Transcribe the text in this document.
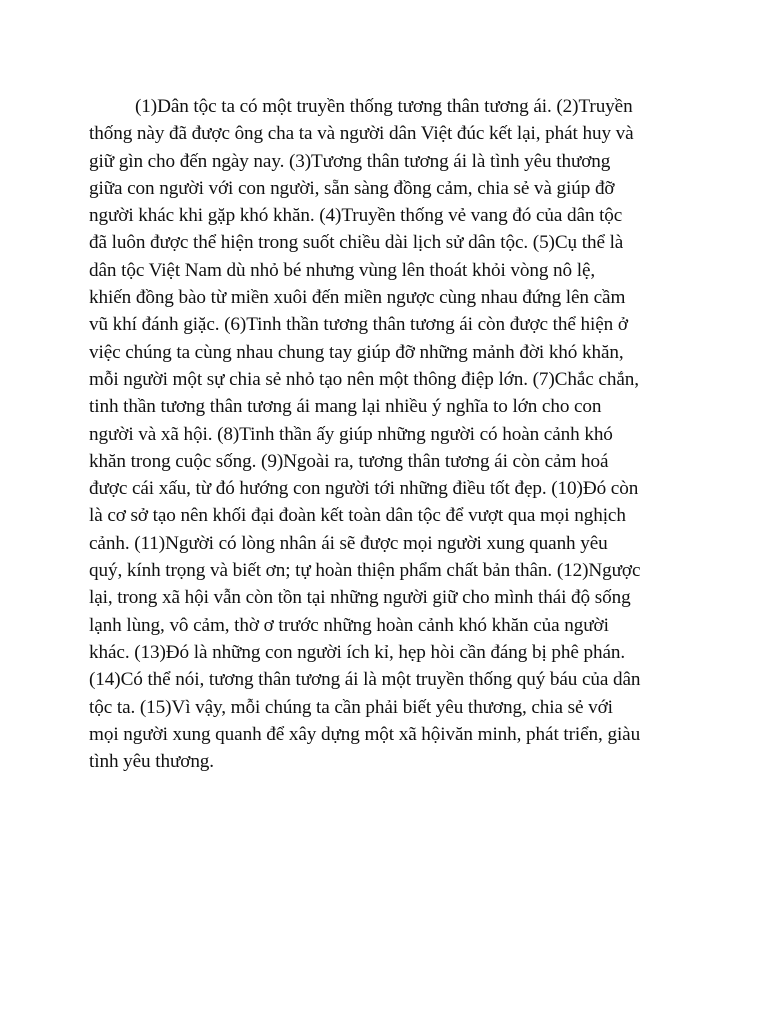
(1)Dân tộc ta có một truyền thống tương thân tương ái. (2)Truyền
thống này đã được ông cha ta và người dân Việt đúc kết lại, phát huy và
giữ gìn cho đến ngày nay. (3)Tương thân tương ái là tình yêu thương
giữa con người với con người, sẵn sàng đồng cảm, chia sẻ và giúp đỡ
người khác khi gặp khó khăn. (4)Truyền thống vẻ vang đó của dân tộc
đã luôn được thể hiện trong suốt chiều dài lịch sử dân tộc. (5)Cụ thể là
dân tộc Việt Nam dù nhỏ bé nhưng vùng lên thoát khỏi vòng nô lệ,
khiến đồng bào từ miền xuôi đến miền ngược cùng nhau đứng lên cầm
vũ khí đánh giặc. (6)Tinh thần tương thân tương ái còn được thể hiện ở
việc chúng ta cùng nhau chung tay giúp đỡ những mảnh đời khó khăn,
mỗi người một sự chia sẻ nhỏ tạo nên một thông điệp lớn. (7)Chắc chắn,
tinh thần tương thân tương ái mang lại nhiều ý nghĩa to lớn cho con
người và xã hội. (8)Tinh thần ấy giúp những người có hoàn cảnh khó
khăn trong cuộc sống. (9)Ngoài ra, tương thân tương ái còn cảm hoá
được cái xấu, từ đó hướng con người tới những điều tốt đẹp. (10)Đó còn
là cơ sở tạo nên khối đại đoàn kết toàn dân tộc để vượt qua mọi nghịch
cảnh. (11)Người có lòng nhân ái sẽ được mọi người xung quanh yêu
quý, kính trọng và biết ơn; tự hoàn thiện phẩm chất bản thân. (12)Ngược
lại, trong xã hội vẫn còn tồn tại những người giữ cho mình thái độ sống
lạnh lùng, vô cảm, thờ ơ trước những hoàn cảnh khó khăn của người
khác. (13)Đó là những con người ích kỉ, hẹp hòi cần đáng bị phê phán.
(14)Có thể nói, tương thân tương ái là một truyền thống quý báu của dân
tộc ta. (15)Vì vậy, mỗi chúng ta cần phải biết yêu thương, chia sẻ với
mọi người xung quanh để xây dựng một xã hộivăn minh, phát triển, giàu
tình yêu thương.
